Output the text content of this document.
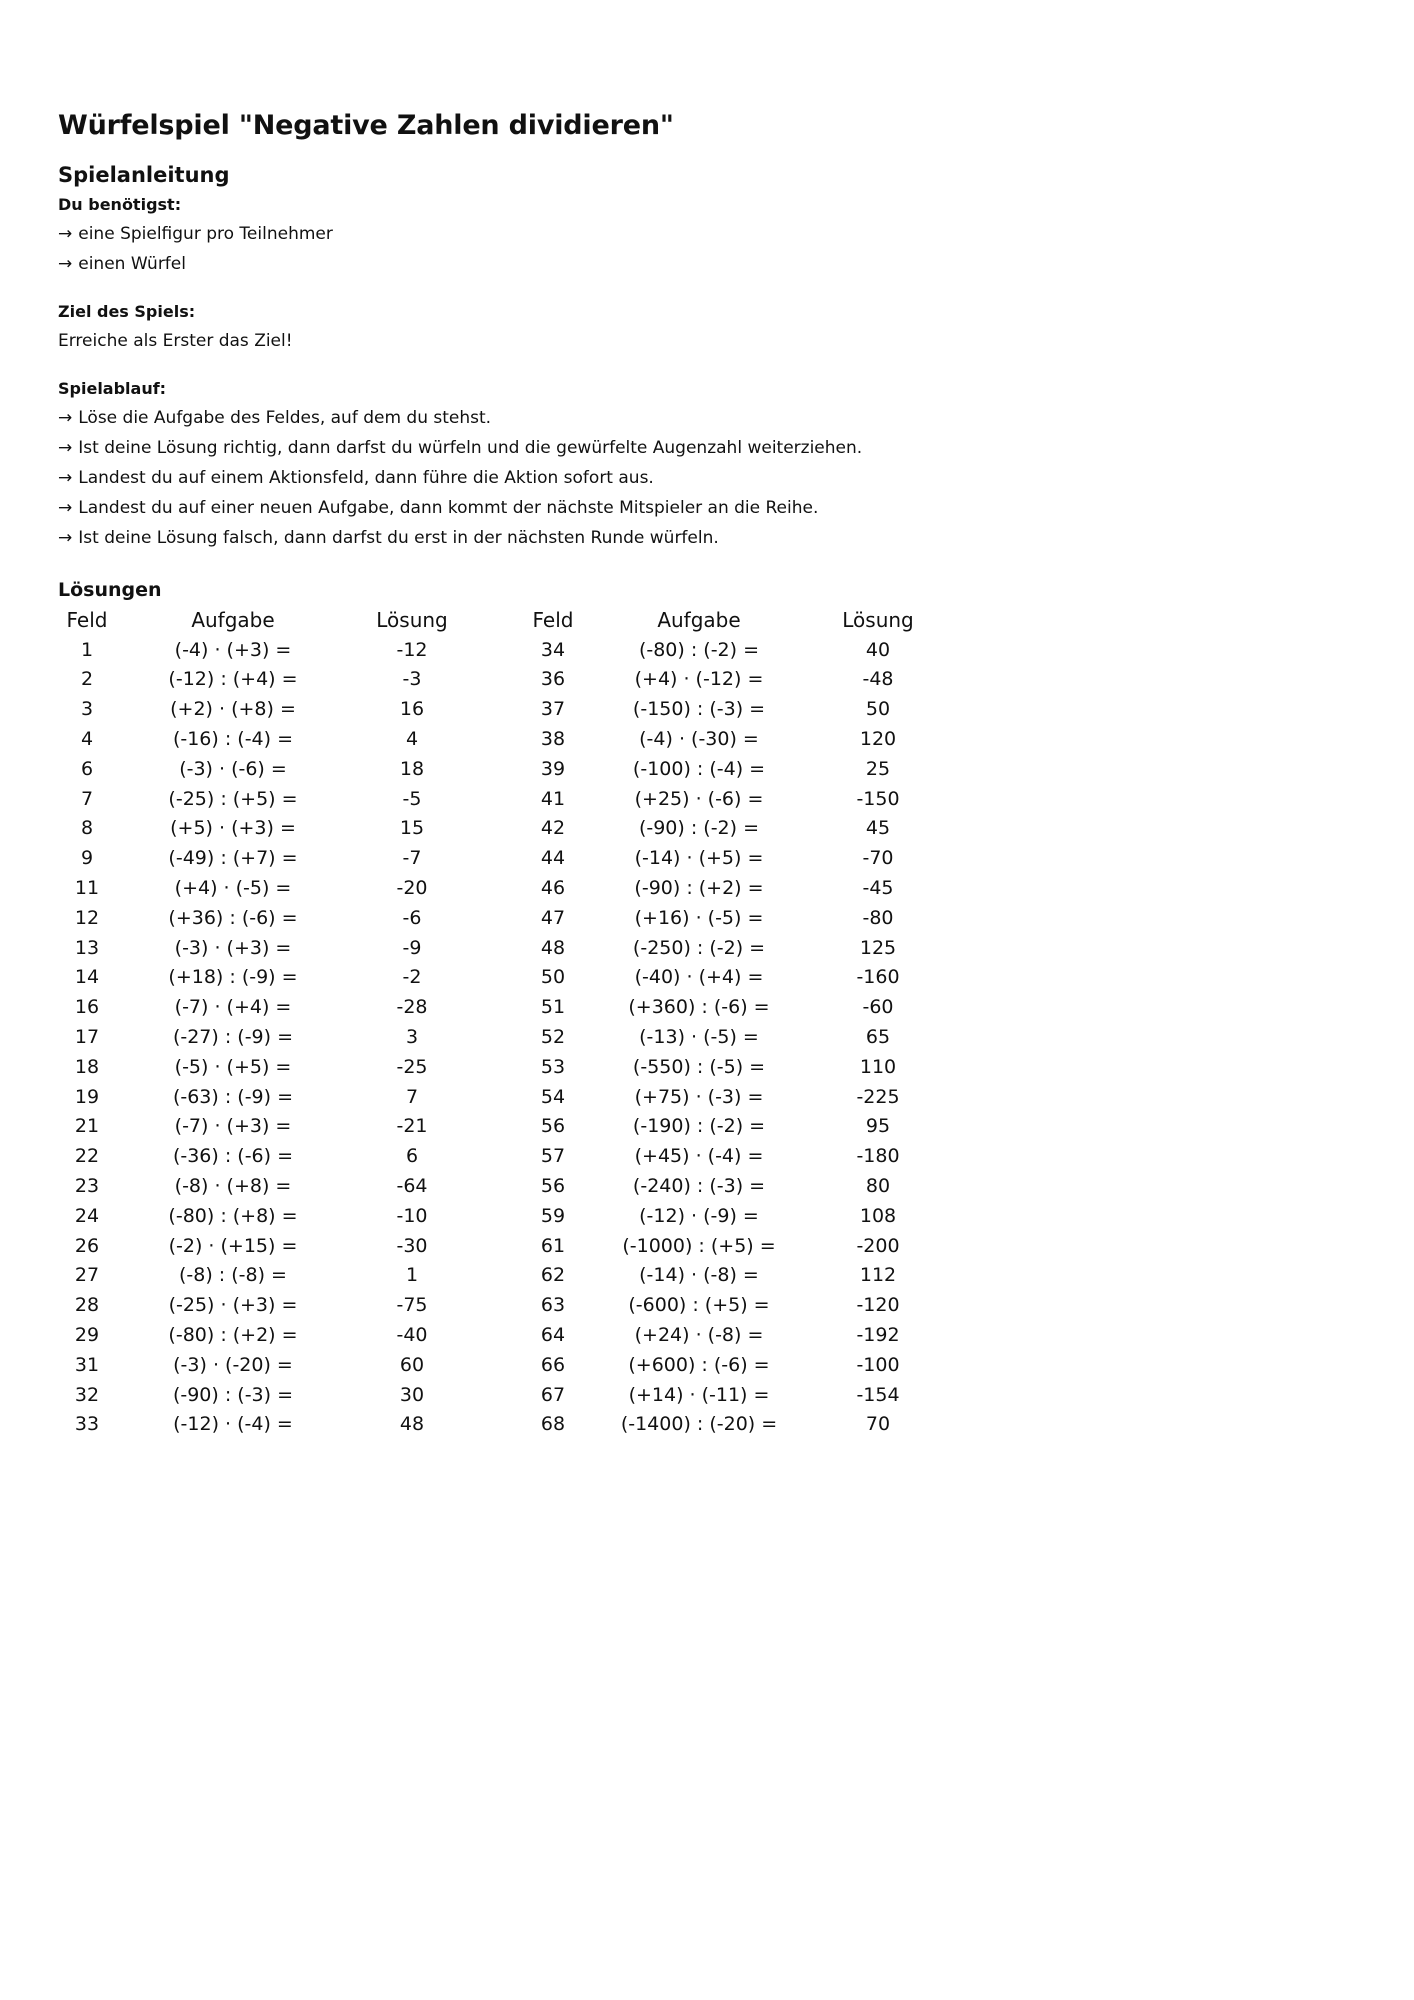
Würfelspiel "Negative Zahlen dividieren"
Spielanleitung
Du benötigst:

→ eine Spielfigur pro Teilnehmer

→ einen Würfel

Ziel des Spiels:

Erreiche als Erster das Ziel!

Spielablauf:

→ Löse die Aufgabe des Feldes, auf dem du stehst.

→ Ist deine Lösung richtig, dann darfst du würfeln und die gewürfelte Augenzahl weiterziehen.

→ Landest du auf einem Aktionsfeld, dann führe die Aktion sofort aus.

→ Landest du auf einer neuen Aufgabe, dann kommt der nächste Mitspieler an die Reihe.

→ Ist deine Lösung falsch, dann darfst du erst in der nächsten Runde würfeln.

Lösungen
Feld	Aufgabe	Lösung
1	(-4) · (+3) =	-12
2	(-12) : (+4) =	-3
3	(+2) · (+8) =	16
4	(-16) : (-4) =	4
6	(-3) · (-6) =	18
7	(-25) : (+5) =	-5
8	(+5) · (+3) =	15
9	(-49) : (+7) =	-7
11	(+4) · (-5) =	-20
12	(+36) : (-6) =	-6
13	(-3) · (+3) =	-9
14	(+18) : (-9) =	-2
16	(-7) · (+4) =	-28
17	(-27) : (-9) =	3
18	(-5) · (+5) =	-25
19	(-63) : (-9) =	7
21	(-7) · (+3) =	-21
22	(-36) : (-6) =	6
23	(-8) · (+8) =	-64
24	(-80) : (+8) =	-10
26	(-2) · (+15) =	-30
27	(-8) : (-8) =	1
28	(-25) · (+3) =	-75
29	(-80) : (+2) =	-40
31	(-3) · (-20) =	60
32	(-90) : (-3) =	30
33	(-12) · (-4) =	48
Feld	Aufgabe	Lösung
34	(-80) : (-2) =	40
36	(+4) · (-12) =	-48
37	(-150) : (-3) =	50
38	(-4) · (-30) =	120
39	(-100) : (-4) =	25
41	(+25) · (-6) =	-150
42	(-90) : (-2) =	45
44	(-14) · (+5) =	-70
46	(-90) : (+2) =	-45
47	(+16) · (-5) =	-80
48	(-250) : (-2) =	125
50	(-40) · (+4) =	-160
51	(+360) : (-6) =	-60
52	(-13) · (-5) =	65
53	(-550) : (-5) =	110
54	(+75) · (-3) =	-225
56	(-190) : (-2) =	95
57	(+45) · (-4) =	-180
56	(-240) : (-3) =	80
59	(-12) · (-9) =	108
61	(-1000) : (+5) =	-200
62	(-14) · (-8) =	112
63	(-600) : (+5) =	-120
64	(+24) · (-8) =	-192
66	(+600) : (-6) =	-100
67	(+14) · (-11) =	-154
68	(-1400) : (-20) =	70
